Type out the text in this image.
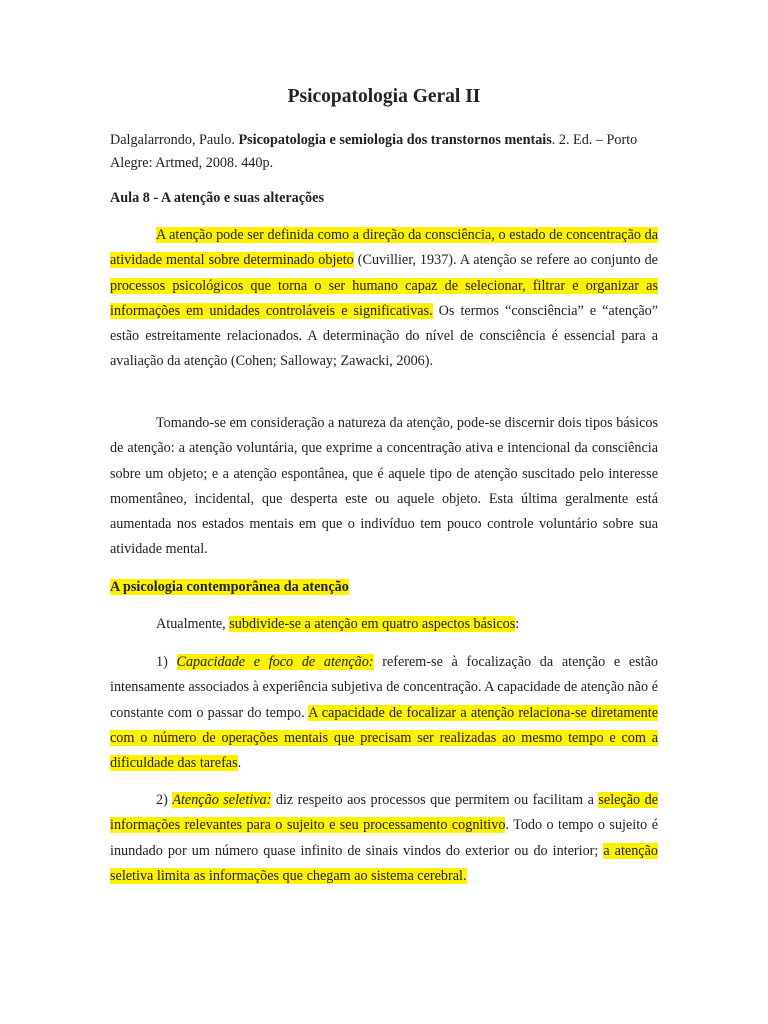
Psicopatologia Geral II

Dalgalarrondo, Paulo. Psicopatologia e semiologia dos transtornos mentais. 2. Ed. – Porto Alegre: Artmed, 2008. 440p.

Aula 8 - A atenção e suas alterações

A atenção pode ser definida como a direção da consciência, o estado de concentração da atividade mental sobre determinado objeto (Cuvillier, 1937). A atenção se refere ao conjunto de processos psicológicos que torna o ser humano capaz de selecionar, filtrar e organizar as informações em unidades controláveis e significativas. Os termos “consciência” e “atenção” estão estreitamente relacionados. A determinação do nível de consciência é essencial para a avaliação da atenção (Cohen; Salloway; Zawacki, 2006).

Tomando-se em consideração a natureza da atenção, pode-se discernir dois tipos básicos de atenção: a atenção voluntária, que exprime a concentração ativa e intencional da consciência sobre um objeto; e a atenção espontânea, que é aquele tipo de atenção suscitado pelo interesse momentâneo, incidental, que desperta este ou aquele objeto. Esta última geralmente está aumentada nos estados mentais em que o indivíduo tem pouco controle voluntário sobre sua atividade mental.

A psicologia contemporânea da atenção

Atualmente, subdivide-se a atenção em quatro aspectos básicos:

1) Capacidade e foco de atenção: referem-se à focalização da atenção e estão intensamente associados à experiência subjetiva de concentração. A capacidade de atenção não é constante com o passar do tempo. A capacidade de focalizar a atenção relaciona-se diretamente com o número de operações mentais que precisam ser realizadas ao mesmo tempo e com a dificuldade das tarefas.

2) Atenção seletiva: diz respeito aos processos que permitem ou facilitam a seleção de informações relevantes para o sujeito e seu processamento cognitivo. Todo o tempo o sujeito é inundado por um número quase infinito de sinais vindos do exterior ou do interior; a atenção seletiva limita as informações que chegam ao sistema cerebral.
